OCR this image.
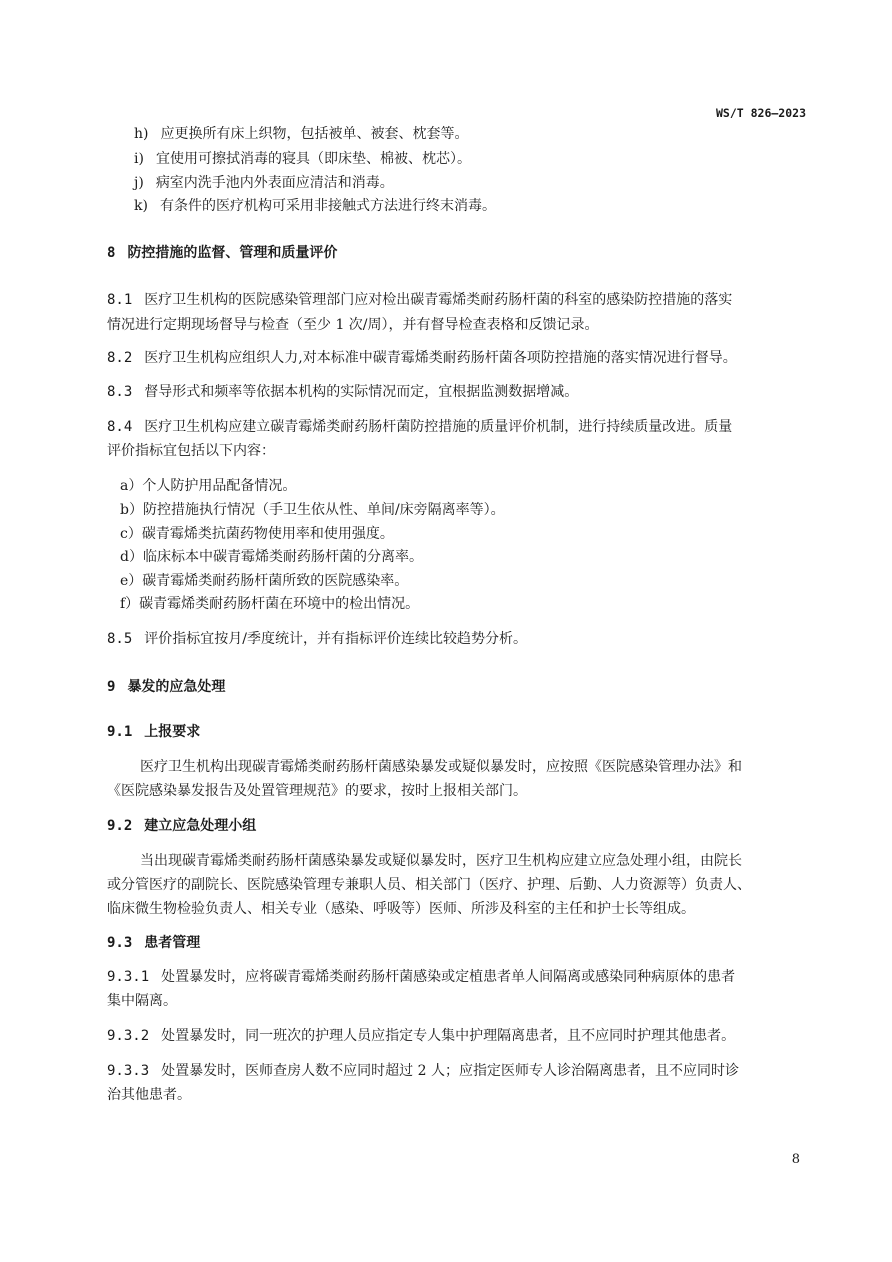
WS/T 826—2023
h) 应更换所有床上织物，包括被单、被套、枕套等。
i) 宜使用可擦拭消毒的寝具（即床垫、棉被、枕芯）。
j) 病室内洗手池内外表面应清洁和消毒。
k) 有条件的医疗机构可采用非接触式方法进行终末消毒。
8 防控措施的监督、管理和质量评价
8.1 医疗卫生机构的医院感染管理部门应对检出碳青霉烯类耐药肠杆菌的科室的感染防控措施的落实
情况进行定期现场督导与检查（至少 1 次/周），并有督导检查表格和反馈记录。
8.2 医疗卫生机构应组织人力,对本标准中碳青霉烯类耐药肠杆菌各项防控措施的落实情况进行督导。
8.3 督导形式和频率等依据本机构的实际情况而定，宜根据监测数据增减。
8.4 医疗卫生机构应建立碳青霉烯类耐药肠杆菌防控措施的质量评价机制，进行持续质量改进。质量
评价指标宜包括以下内容：
a）个人防护用品配备情况。
b）防控措施执行情况（手卫生依从性、单间/床旁隔离率等）。
c）碳青霉烯类抗菌药物使用率和使用强度。
d）临床标本中碳青霉烯类耐药肠杆菌的分离率。
e）碳青霉烯类耐药肠杆菌所致的医院感染率。
f）碳青霉烯类耐药肠杆菌在环境中的检出情况。
8.5 评价指标宜按月/季度统计，并有指标评价连续比较趋势分析。
9 暴发的应急处理
9.1 上报要求
医疗卫生机构出现碳青霉烯类耐药肠杆菌感染暴发或疑似暴发时，应按照《医院感染管理办法》和
《医院感染暴发报告及处置管理规范》的要求，按时上报相关部门。
9.2 建立应急处理小组
当出现碳青霉烯类耐药肠杆菌感染暴发或疑似暴发时，医疗卫生机构应建立应急处理小组，由院长
或分管医疗的副院长、医院感染管理专兼职人员、相关部门（医疗、护理、后勤、人力资源等）负责人、
临床微生物检验负责人、相关专业（感染、呼吸等）医师、所涉及科室的主任和护士长等组成。
9.3 患者管理
9.3.1 处置暴发时，应将碳青霉烯类耐药肠杆菌感染或定植患者单人间隔离或感染同种病原体的患者
集中隔离。
9.3.2 处置暴发时，同一班次的护理人员应指定专人集中护理隔离患者，且不应同时护理其他患者。
9.3.3 处置暴发时，医师查房人数不应同时超过 2 人；应指定医师专人诊治隔离患者，且不应同时诊
治其他患者。
8
